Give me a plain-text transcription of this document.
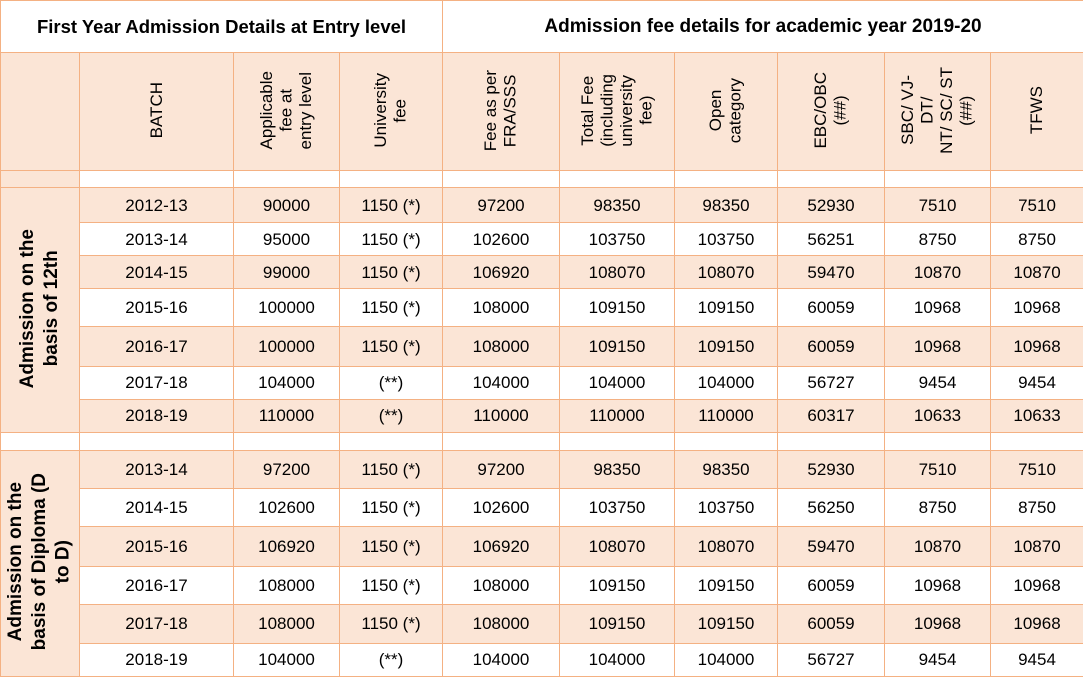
First Year Admission Details at Entry level				Admission fee details for academic year 2019-20					
	BATCH	Applicable
fee at
entry level	University
fee	Fee as per
FRA/SSS	Total Fee
(including
university
fee)	Open
category	EBC/OBC
(##)	SBC/ VJ-
DT/
NT/ SC/ ST
(##)	TFWS

Admission on the basis of 12th	2012-13	90000	1150 (*)	97200	98350	98350	52930	7510	7510
	2013-14	95000	1150 (*)	102600	103750	103750	56251	8750	8750
	2014-15	99000	1150 (*)	106920	108070	108070	59470	10870	10870
	2015-16	100000	1150 (*)	108000	109150	109150	60059	10968	10968
	2016-17	100000	1150 (*)	108000	109150	109150	60059	10968	10968
	2017-18	104000	(**)	104000	104000	104000	56727	9454	9454
	2018-19	110000	(**)	110000	110000	110000	60317	10633	10633

Admission on the basis of Diploma (D to D)	2013-14	97200	1150 (*)	97200	98350	98350	52930	7510	7510
	2014-15	102600	1150 (*)	102600	103750	103750	56250	8750	8750
	2015-16	106920	1150 (*)	106920	108070	108070	59470	10870	10870
	2016-17	108000	1150 (*)	108000	109150	109150	60059	10968	10968
	2017-18	108000	1150 (*)	108000	109150	109150	60059	10968	10968
	2018-19	104000	(**)	104000	104000	104000	56727	9454	9454
